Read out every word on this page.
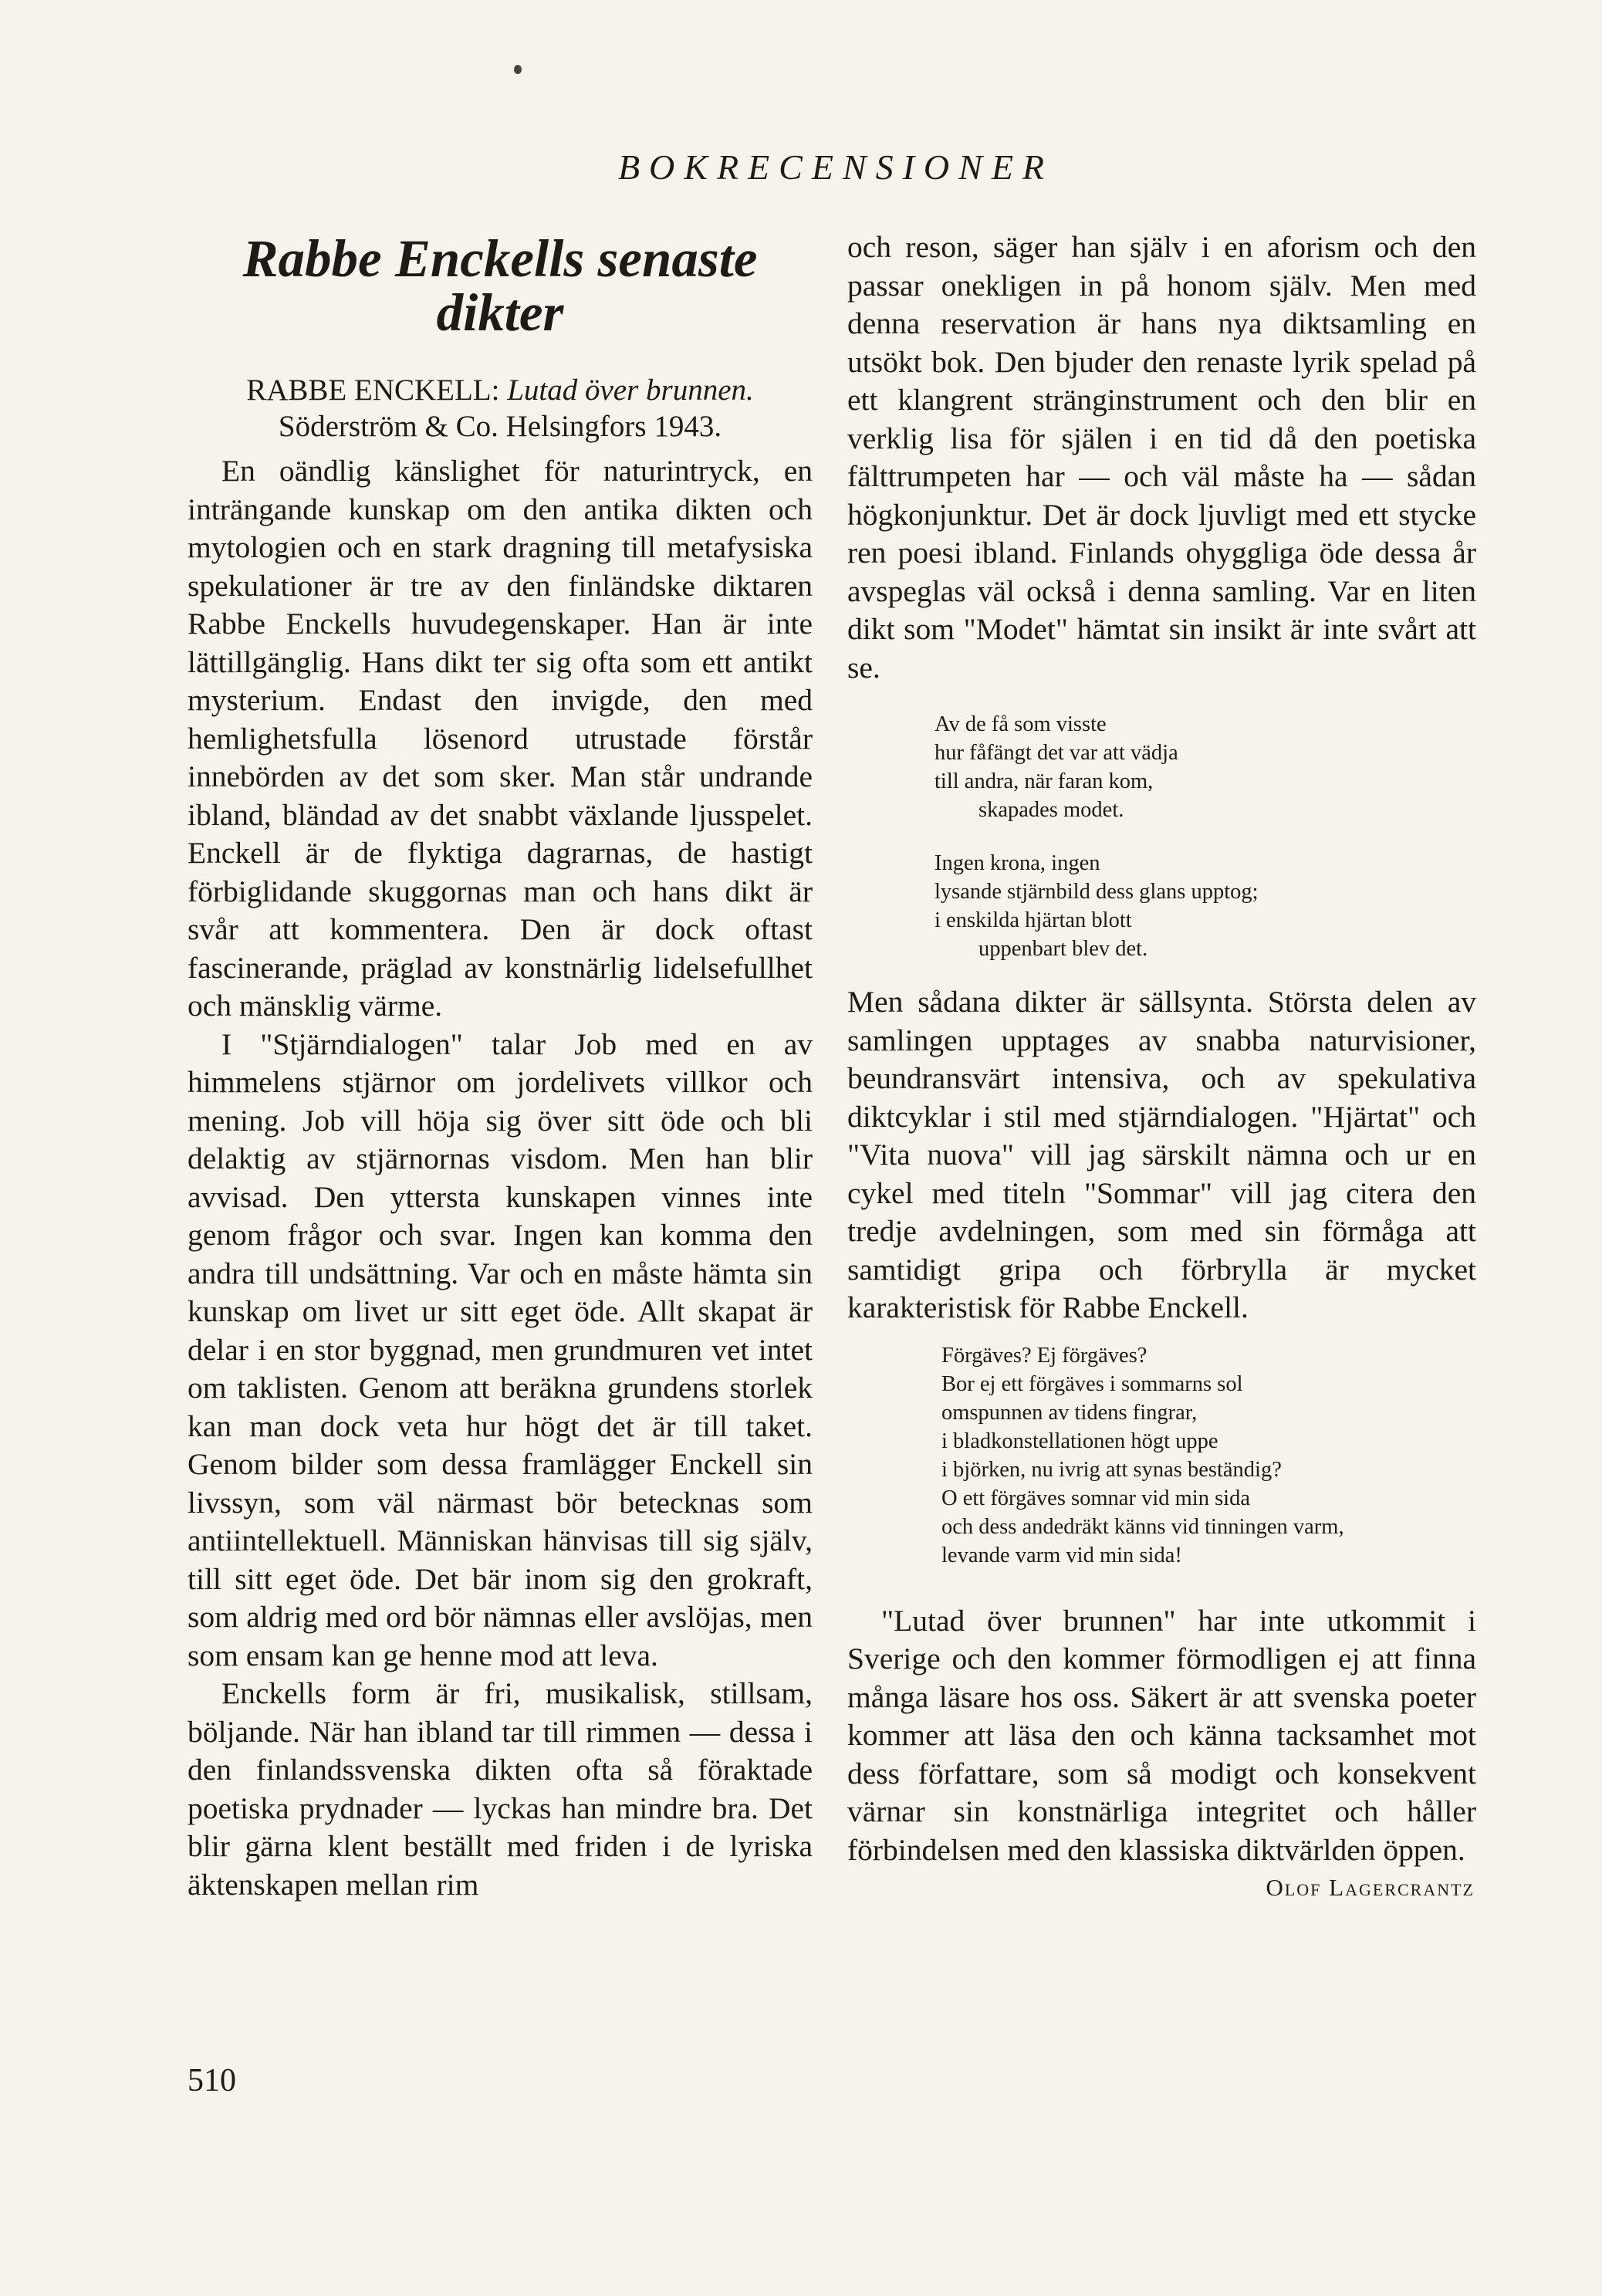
BOKRECENSIONER
Rabbe Enckells senaste dikter
RABBE ENCKELL: Lutad över brunnen. Söderström & Co. Helsingfors 1943.

En oändlig känslighet för naturintryck, en inträngande kunskap om den antika dikten och mytologien och en stark dragning till metafysiska spekulationer är tre av den finländske diktaren Rabbe Enckells huvudegenskaper. Han är inte lättillgänglig. Hans dikt ter sig ofta som ett antikt mysterium. Endast den invigde, den med hemlighetsfulla lösenord utrustade förstår innebörden av det som sker. Man står undrande ibland, bländad av det snabbt växlande ljusspelet. Enckell är de flyktiga dagrarnas, de hastigt förbiglidande skuggornas man och hans dikt är svår att kommentera. Den är dock oftast fascinerande, präglad av konstnärlig lidelsefullhet och mänsklig värme.

I "Stjärndialogen" talar Job med en av himmelens stjärnor om jordelivets villkor och mening. Job vill höja sig över sitt öde och bli delaktig av stjärnornas visdom. Men han blir avvisad. Den yttersta kunskapen vinnes inte genom frågor och svar. Ingen kan komma den andra till undsättning. Var och en måste hämta sin kunskap om livet ur sitt eget öde. Allt skapat är delar i en stor byggnad, men grundmuren vet intet om taklisten. Genom att beräkna grundens storlek kan man dock veta hur högt det är till taket. Genom bilder som dessa framlägger Enckell sin livssyn, som väl närmast bör betecknas som antiintellektuell. Människan hänvisas till sig själv, till sitt eget öde. Det bär inom sig den grokraft, som aldrig med ord bör nämnas eller avslöjas, men som ensam kan ge henne mod att leva.

Enckells form är fri, musikalisk, stillsam, böljande. När han ibland tar till rimmen — dessa i den finlandssvenska dikten ofta så föraktade poetiska prydnader — lyckas han mindre bra. Det blir gärna klent beställt med friden i de lyriska äktenskapen mellan rim

och reson, säger han själv i en aforism och den passar onekligen in på honom själv. Men med denna reservation är hans nya diktsamling en utsökt bok. Den bjuder den renaste lyrik spelad på ett klangrent stränginstrument och den blir en verklig lisa för själen i en tid då den poetiska fälttrumpeten har — och väl måste ha — sådan högkonjunktur. Det är dock ljuvligt med ett stycke ren poesi ibland. Finlands ohyggliga öde dessa år avspeglas väl också i denna samling. Var en liten dikt som "Modet" hämtat sin insikt är inte svårt att se.

Av de få som visste
hur fåfängt det var att vädja
till andra, när faran kom,
skapades modet.
Ingen krona, ingen
lysande stjärnbild dess glans upptog;
i enskilda hjärtan blott
uppenbart blev det.

Men sådana dikter är sällsynta. Största delen av samlingen upptages av snabba naturvisioner, beundransvärt intensiva, och av spekulativa diktcyklar i stil med stjärndialogen. "Hjärtat" och "Vita nuova" vill jag särskilt nämna och ur en cykel med titeln "Sommar" vill jag citera den tredje avdelningen, som med sin förmåga att samtidigt gripa och förbrylla är mycket karakteristisk för Rabbe Enckell.

Förgäves? Ej förgäves?
Bor ej ett förgäves i sommarns sol
omspunnen av tidens fingrar,
i bladkonstellationen högt uppe
i björken, nu ivrig att synas beständig?
O ett förgäves somnar vid min sida
och dess andedräkt känns vid tinningen varm,
levande varm vid min sida!

"Lutad över brunnen" har inte utkommit i Sverige och den kommer förmodligen ej att finna många läsare hos oss. Säkert är att svenska poeter kommer att läsa den och känna tacksamhet mot dess författare, som så modigt och konsekvent värnar sin konstnärliga integritet och håller förbindelsen med den klassiska diktvärlden öppen.

Olof Lagercrantz
510
